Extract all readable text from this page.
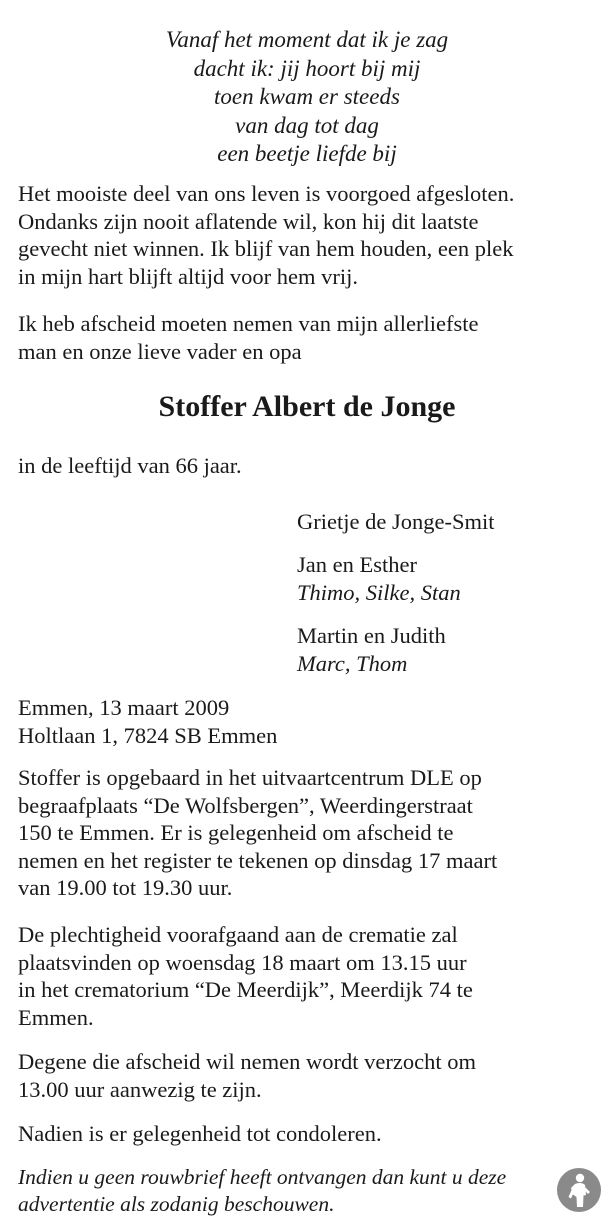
Vanaf het moment dat ik je zag
dacht ik: jij hoort bij mij
toen kwam er steeds
van dag tot dag
een beetje liefde bij
Het mooiste deel van ons leven is voorgoed afgesloten.
Ondanks zijn nooit aflatende wil, kon hij dit laatste
gevecht niet winnen. Ik blijf van hem houden, een plek
in mijn hart blijft altijd voor hem vrij.
Ik heb afscheid moeten nemen van mijn allerliefste
man en onze lieve vader en opa
Stoffer Albert de Jonge
in de leeftijd van 66 jaar.
Grietje de Jonge-Smit
Jan en Esther
Thimo, Silke, Stan
Martin en Judith
Marc, Thom
Emmen, 13 maart 2009
Holtlaan 1, 7824 SB Emmen
Stoffer is opgebaard in het uitvaartcentrum DLE op
begraafplaats “De Wolfsbergen”, Weerdingerstraat
150 te Emmen. Er is gelegenheid om afscheid te
nemen en het register te tekenen op dinsdag 17 maart
van 19.00 tot 19.30 uur.
De plechtigheid voorafgaand aan de crematie zal
plaatsvinden op woensdag 18 maart om 13.15 uur
in het crematorium “De Meerdijk”, Meerdijk 74 te
Emmen.
Degene die afscheid wil nemen wordt verzocht om
13.00 uur aanwezig te zijn.
Nadien is er gelegenheid tot condoleren.
Indien u geen rouwbrief heeft ontvangen dan kunt u deze
advertentie als zodanig beschouwen.
